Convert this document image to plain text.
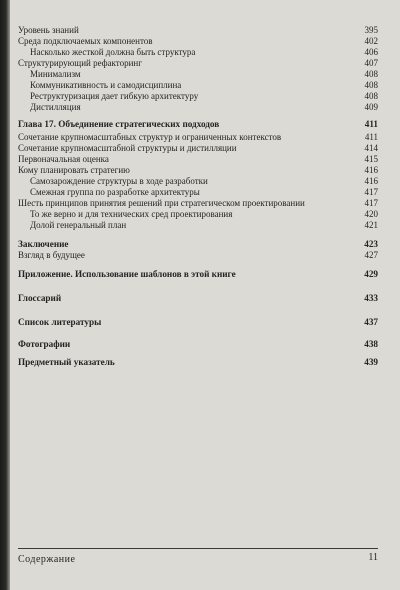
Уровень знаний	395
Среда подключаемых компонентов	402
Насколько жесткой должна быть структура	406
Структурирующий рефакторинг	407
Минимализм	408
Коммуникативность и самодисциплина	408
Реструктуризация дает гибкую архитектуру	408
Дистилляция	409
Глава 17. Объединение стратегических подходов	411
Сочетание крупномасштабных структур и ограниченных контекстов	411
Сочетание крупномасштабной структуры и дистилляции	414
Первоначальная оценка	415
Кому планировать стратегию	416
Самозарождение структуры в ходе разработки	416
Смежная группа по разработке архитектуры	417
Шесть принципов принятия решений при стратегическом проектировании	417
То же верно и для технических сред проектирования	420
Долой генеральный план	421
Заключение	423
Взгляд в будущее	427
Приложение. Использование шаблонов в этой книге	429
Глоссарий	433
Список литературы	437
Фотографии	438
Предметный указатель	439
Содержание	11
